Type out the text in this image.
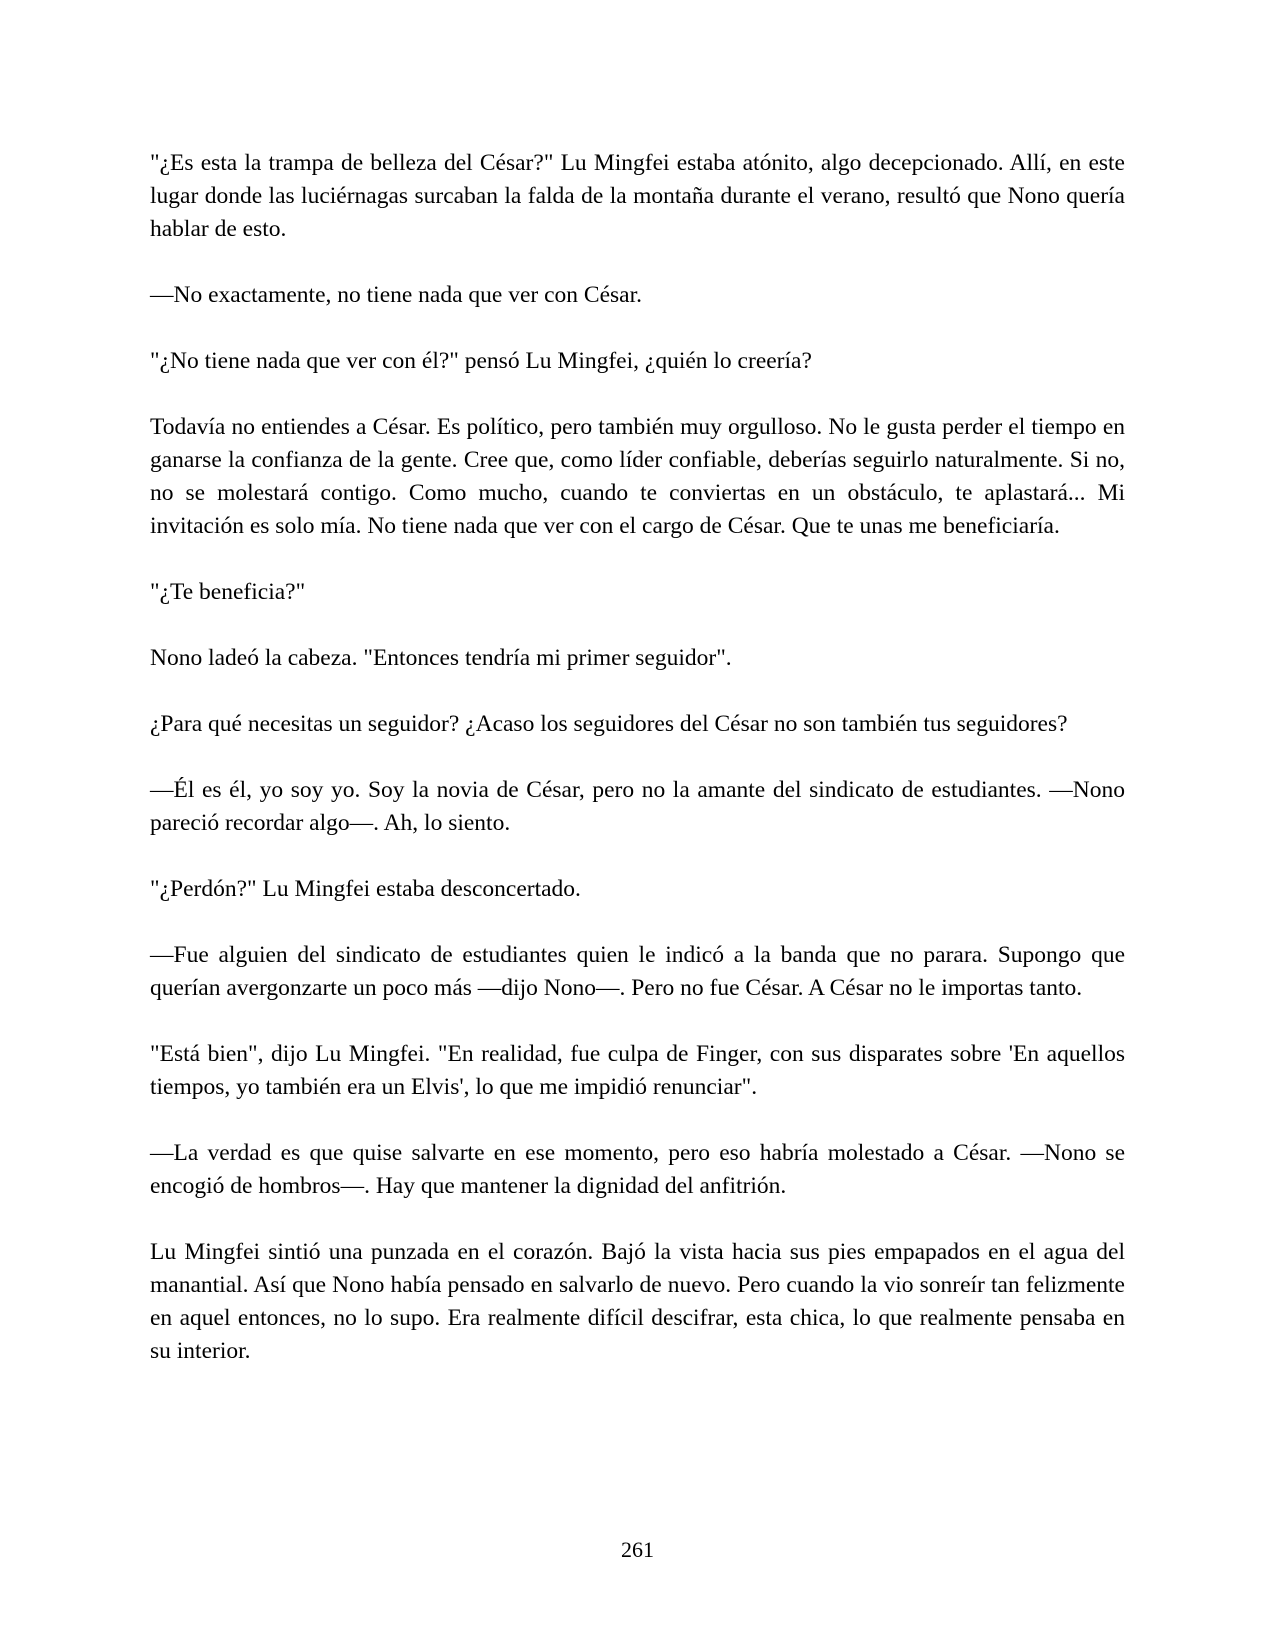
"¿Es esta la trampa de belleza del César?" Lu Mingfei estaba atónito, algo decepcionado. Allí, en este lugar donde las luciérnagas surcaban la falda de la montaña durante el verano, resultó que Nono quería hablar de esto.

—No exactamente, no tiene nada que ver con César.

"¿No tiene nada que ver con él?" pensó Lu Mingfei, ¿quién lo creería?

Todavía no entiendes a César. Es político, pero también muy orgulloso. No le gusta perder el tiempo en ganarse la confianza de la gente. Cree que, como líder confiable, deberías seguirlo naturalmente. Si no, no se molestará contigo. Como mucho, cuando te conviertas en un obstáculo, te aplastará... Mi invitación es solo mía. No tiene nada que ver con el cargo de César. Que te unas me beneficiaría.

"¿Te beneficia?"

Nono ladeó la cabeza. "Entonces tendría mi primer seguidor".

¿Para qué necesitas un seguidor? ¿Acaso los seguidores del César no son también tus seguidores?

—Él es él, yo soy yo. Soy la novia de César, pero no la amante del sindicato de estudiantes. —Nono pareció recordar algo—. Ah, lo siento.

"¿Perdón?" Lu Mingfei estaba desconcertado.

—Fue alguien del sindicato de estudiantes quien le indicó a la banda que no parara. Supongo que querían avergonzarte un poco más —dijo Nono—. Pero no fue César. A César no le importas tanto.

"Está bien", dijo Lu Mingfei. "En realidad, fue culpa de Finger, con sus disparates sobre 'En aquellos tiempos, yo también era un Elvis', lo que me impidió renunciar".

—La verdad es que quise salvarte en ese momento, pero eso habría molestado a César. —Nono se encogió de hombros—. Hay que mantener la dignidad del anfitrión.

Lu Mingfei sintió una punzada en el corazón. Bajó la vista hacia sus pies empapados en el agua del manantial. Así que Nono había pensado en salvarlo de nuevo. Pero cuando la vio sonreír tan felizmente en aquel entonces, no lo supo. Era realmente difícil descifrar, esta chica, lo que realmente pensaba en su interior.

261
